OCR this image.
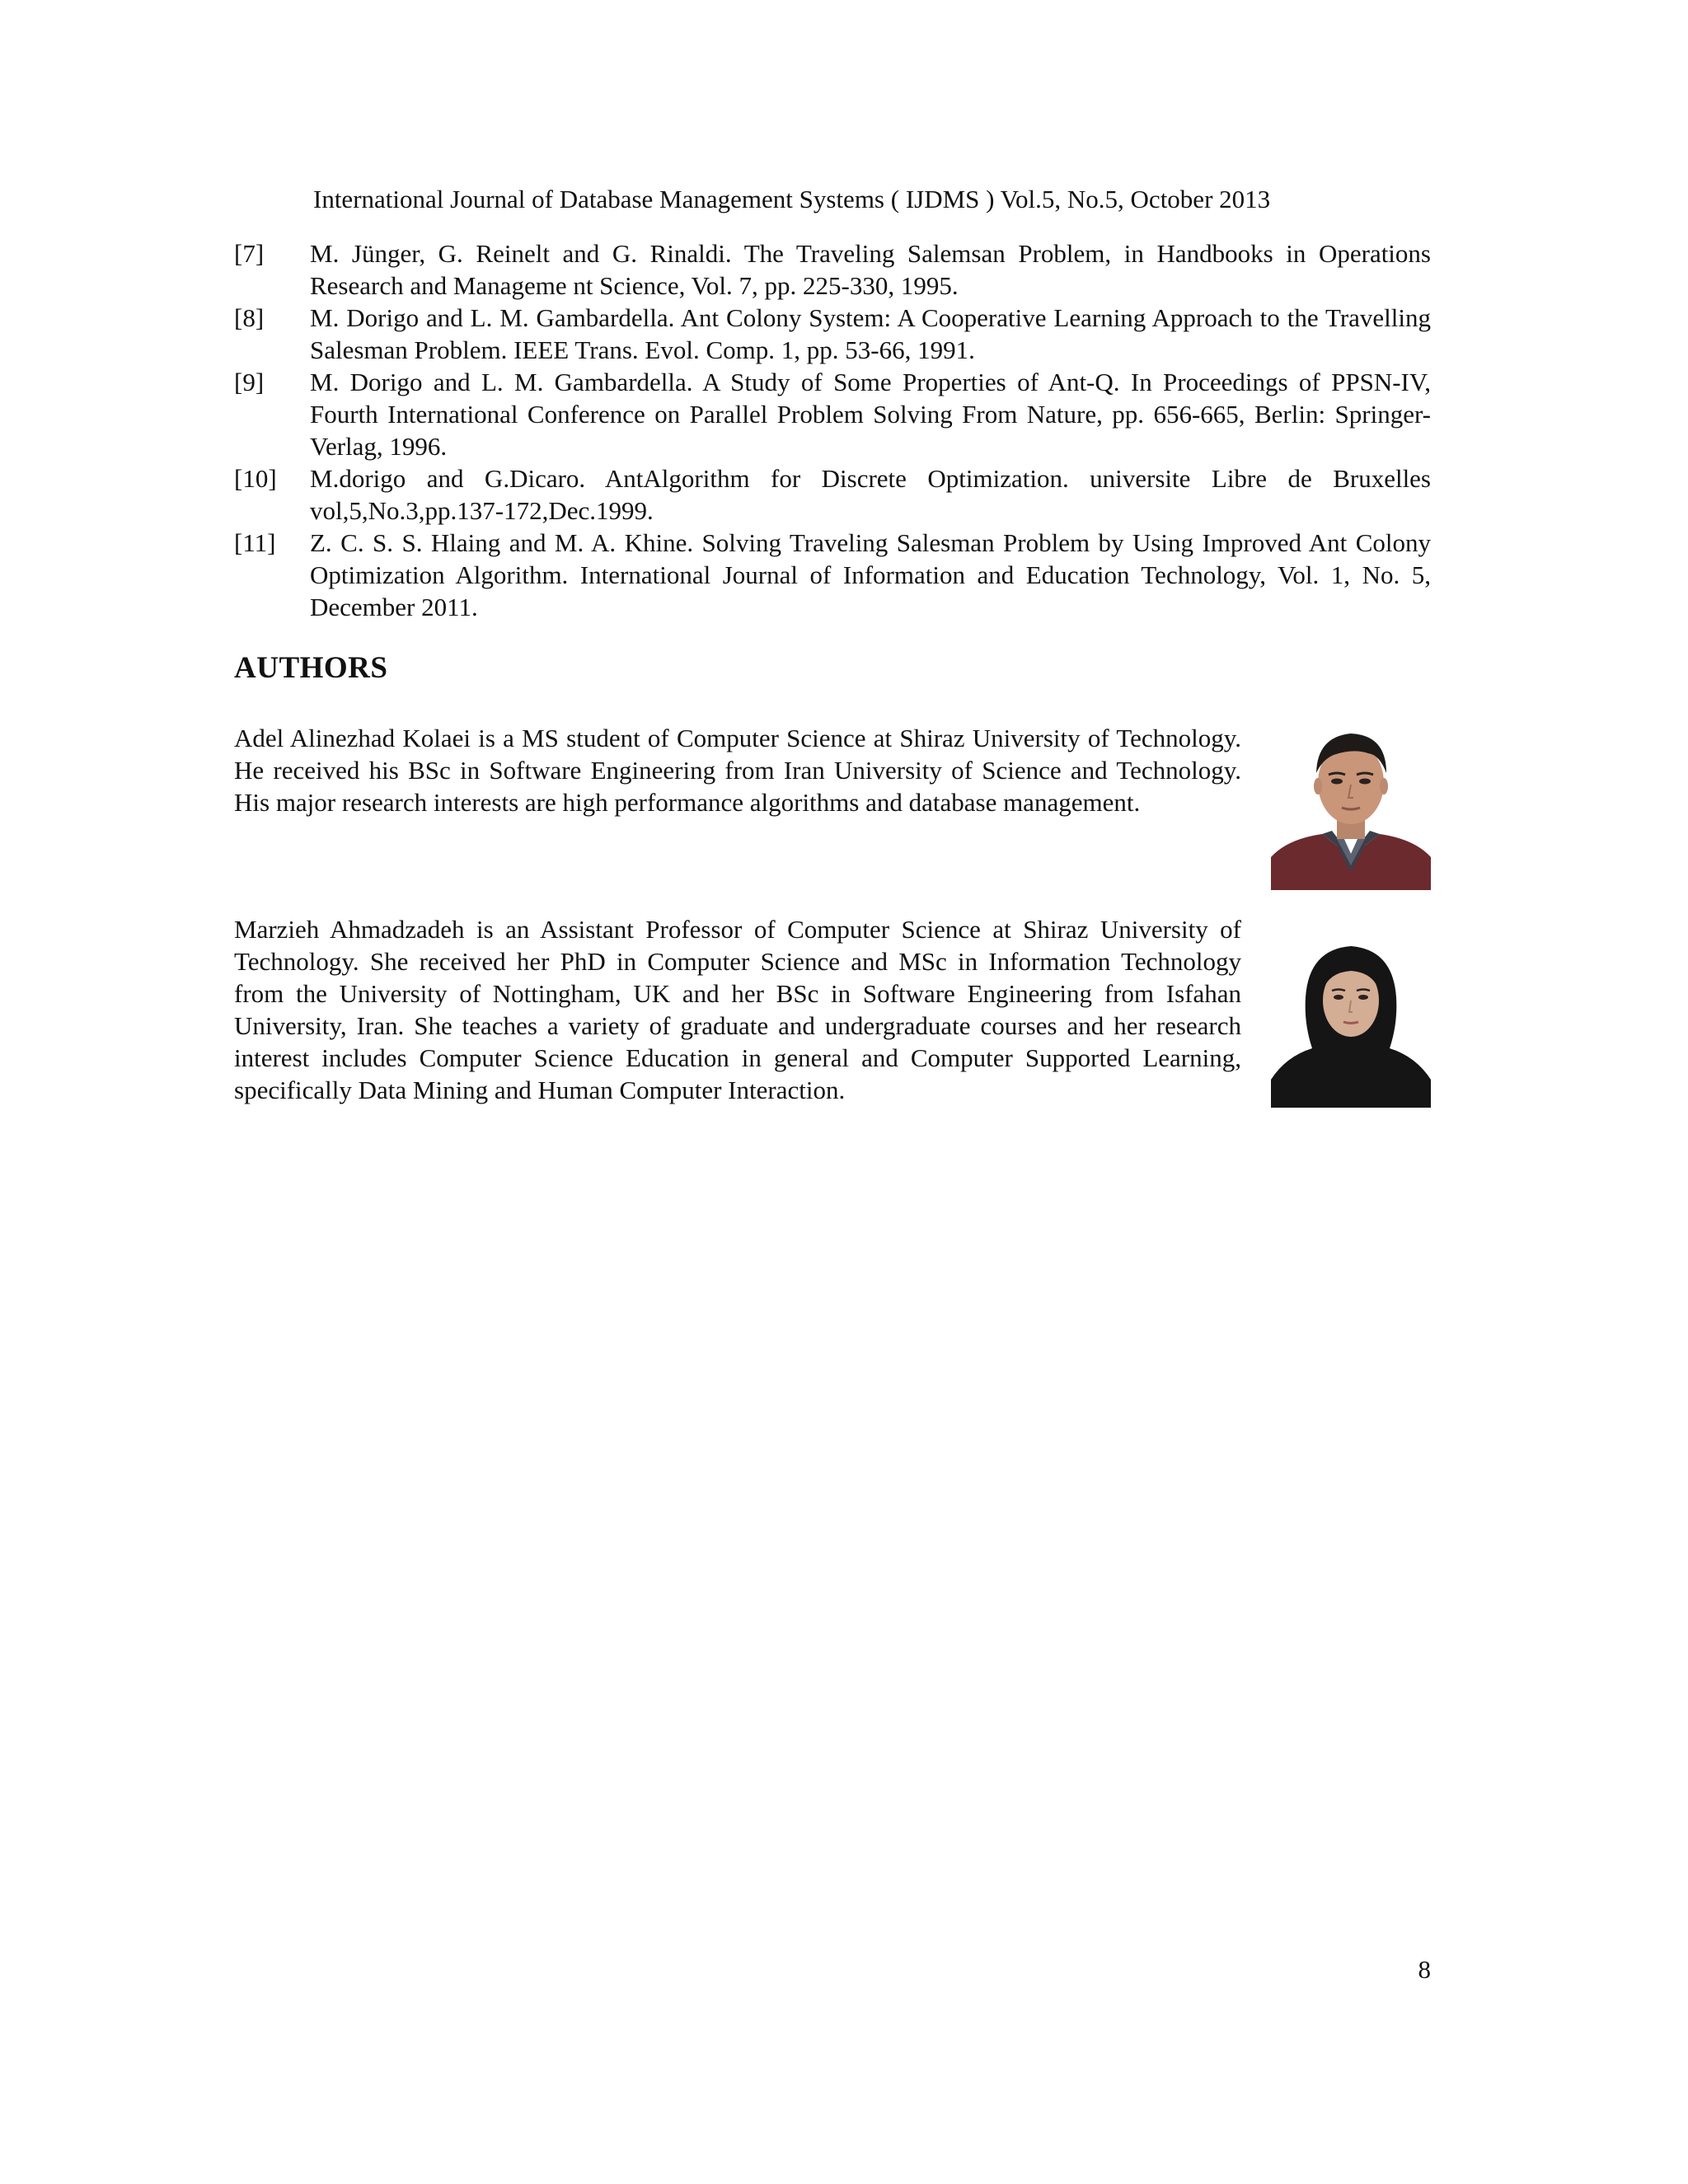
International Journal of Database Management Systems ( IJDMS ) Vol.5, No.5, October 2013
[7]	M. Jünger, G. Reinelt and G. Rinaldi. The Traveling Salemsan Problem, in Handbooks in Operations Research and Manageme nt Science, Vol. 7, pp. 225-330, 1995.
[8]	M. Dorigo and L. M. Gambardella. Ant Colony System: A Cooperative Learning Approach to the Travelling Salesman Problem. IEEE Trans. Evol. Comp. 1, pp. 53-66, 1991.
[9]	M. Dorigo and L. M. Gambardella. A Study of Some Properties of Ant-Q. In Proceedings of PPSN-IV, Fourth International Conference on Parallel Problem Solving From Nature, pp. 656-665, Berlin: Springer-Verlag, 1996.
[10]	M.dorigo and G.Dicaro. AntAlgorithm for Discrete Optimization. universite Libre de Bruxelles vol,5,No.3,pp.137-172,Dec.1999.
[11]	Z. C. S. S. Hlaing and M. A. Khine. Solving Traveling Salesman Problem by Using Improved Ant Colony Optimization Algorithm. International Journal of Information and Education Technology, Vol. 1, No. 5, December 2011.
AUTHORS
Adel Alinezhad Kolaei is a MS student of Computer Science at Shiraz University of Technology. He received his BSc in Software Engineering from Iran University of Science and Technology. His major research interests are high performance algorithms and database management.
Marzieh Ahmadzadeh is an Assistant Professor of Computer Science at Shiraz University of Technology. She received her PhD in Computer Science and MSc in Information Technology from the University of Nottingham, UK and her BSc in Software Engineering from Isfahan University, Iran. She teaches a variety of graduate and undergraduate courses and her research interest includes Computer Science Education in general and Computer Supported Learning, specifically Data Mining and Human Computer Interaction.
8
